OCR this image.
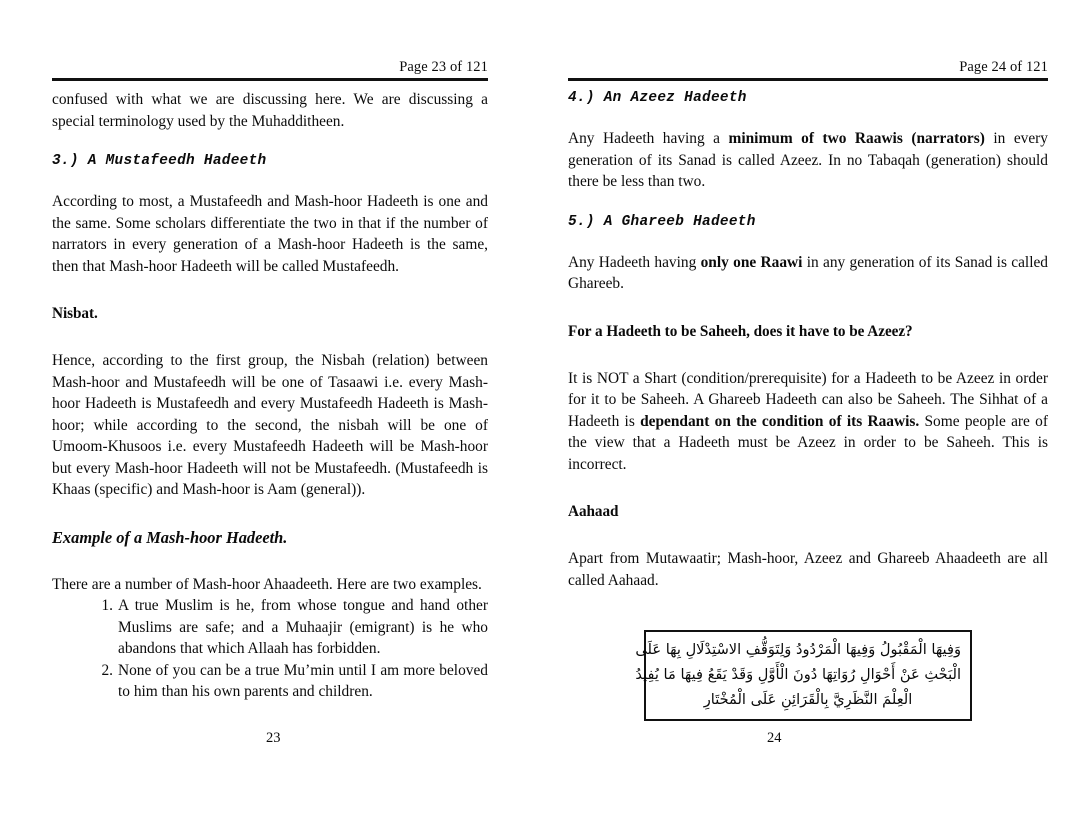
Page 23 of 121

confused with what we are discussing here. We are discussing a special terminology used by the Muhadditheen.

3.) A Mustafeedh Hadeeth

According to most, a Mustafeedh and Mash-hoor Hadeeth is one and the same. Some scholars differentiate the two in that if the number of narrators in every generation of a Mash-hoor Hadeeth is the same, then that Mash-hoor Hadeeth will be called Mustafeedh.

Nisbat.

Hence, according to the first group, the Nisbah (relation) between Mash-hoor and Mustafeedh will be one of Tasaawi i.e. every Mash-hoor Hadeeth is Mustafeedh and every Mustafeedh Hadeeth is Mash-hoor; while according to the second, the nisbah will be one of Umoom-Khusoos i.e. every Mustafeedh Hadeeth will be Mash-hoor but every Mash-hoor Hadeeth will not be Mustafeedh. (Mustafeedh is Khaas (specific) and Mash-hoor is Aam (general)).

Example of a Mash-hoor Hadeeth.

There are a number of Mash-hoor Ahaadeeth. Here are two examples.

A true Muslim is he, from whose tongue and hand other Muslims are safe; and a Muhaajir (emigrant) is he who abandons that which Allaah has forbidden.
None of you can be a true Mu’min until I am more beloved to him than his own parents and children.
23
Page 24 of 121
4.) An Azeez Hadeeth

Any Hadeeth having a minimum of two Raawis (narrators) in every generation of its Sanad is called Azeez. In no Tabaqah (generation) should there be less than two.

5.) A Ghareeb Hadeeth

Any Hadeeth having only one Raawi in any generation of its Sanad is called Ghareeb.

For a Hadeeth to be Saheeh, does it have to be Azeez?

It is NOT a Shart (condition/prerequisite) for a Hadeeth to be Azeez in order for it to be Saheeh. A Ghareeb Hadeeth can also be Saheeh. The Sihhat of a Hadeeth is dependant on the condition of its Raawis. Some people are of the view that a Hadeeth must be Azeez in order to be Saheeh. This is incorrect.

Aahaad

Apart from Mutawaatir; Mash-hoor, Azeez and Ghareeb Ahaadeeth are all called Aahaad.

وَفِيهَا الْمَقْبُولُ وَفِيهَا الْمَرْدُودُ وَلِتَوَقُّفِ الاسْتِدْلَالِ بِهَا عَلَى
الْبَحْثِ عَنْ أَحْوَالِ رُوَاتِهَا دُونَ الْأَوَّلِ وَقَدْ يَقَعُ فِيهَا مَا يُفِيدُ
الْعِلْمَ النَّظَرِيَّ بِالْقَرَائِنِ عَلَى الْمُخْتَارِ
24
